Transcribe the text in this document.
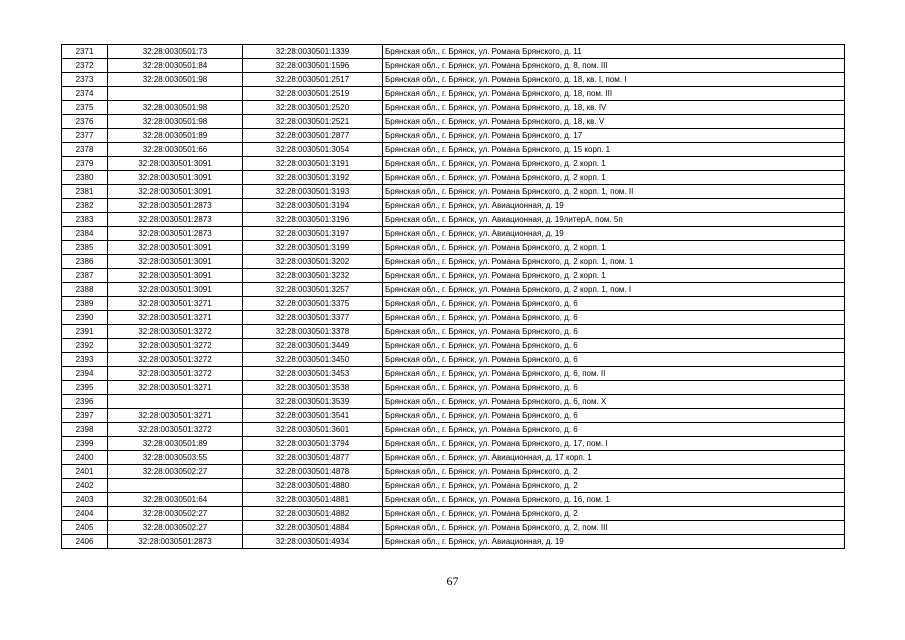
2371	32:28:0030501:73	32:28:0030501:1339	Брянская обл., г. Брянск, ул. Романа Брянского, д. 11
2372	32:28:0030501:84	32:28:0030501:1596	Брянская обл., г. Брянск, ул. Романа Брянского, д. 8, пом. III
2373	32:28:0030501:98	32:28:0030501:2517	Брянская обл., г. Брянск, ул. Романа Брянского, д. 18, кв. I, пом. I
2374		32:28:0030501:2519	Брянская обл., г. Брянск, ул. Романа Брянского, д. 18, пом. III
2375	32:28:0030501:98	32:28:0030501:2520	Брянская обл., г. Брянск, ул. Романа Брянского, д. 18, кв. IV
2376	32:28:0030501:98	32:28:0030501:2521	Брянская обл., г. Брянск, ул. Романа Брянского, д. 18, кв. V
2377	32:28:0030501:89	32:28:0030501:2877	Брянская обл., г. Брянск, ул. Романа Брянского, д. 17
2378	32:28:0030501:66	32:28:0030501:3054	Брянская обл., г. Брянск, ул. Романа Брянского, д. 15 корп. 1
2379	32:28:0030501:3091	32:28:0030501:3191	Брянская обл., г. Брянск, ул. Романа Брянского, д. 2 корп. 1
2380	32:28:0030501:3091	32:28:0030501:3192	Брянская обл., г. Брянск, ул. Романа Брянского, д. 2 корп. 1
2381	32:28:0030501:3091	32:28:0030501:3193	Брянская обл., г. Брянск, ул. Романа Брянского, д. 2 корп. 1, пом. II
2382	32:28:0030501:2873	32:28:0030501:3194	Брянская обл., г. Брянск, ул. Авиационная, д. 19
2383	32:28:0030501:2873	32:28:0030501:3196	Брянская обл., г. Брянск, ул. Авиационная, д. 19литерA, пом. 5п
2384	32:28:0030501:2873	32:28:0030501:3197	Брянская обл., г. Брянск, ул. Авиационная, д. 19
2385	32:28:0030501:3091	32:28:0030501:3199	Брянская обл., г. Брянск, ул. Романа Брянского, д. 2 корп. 1
2386	32:28:0030501:3091	32:28:0030501:3202	Брянская обл., г. Брянск, ул. Романа Брянского, д. 2 корп. 1, пом. 1
2387	32:28:0030501:3091	32:28:0030501:3232	Брянская обл., г. Брянск, ул. Романа Брянского, д. 2 корп. 1
2388	32:28:0030501:3091	32:28:0030501:3257	Брянская обл., г. Брянск, ул. Романа Брянского, д. 2 корп. 1, пом. I
2389	32:28:0030501:3271	32:28:0030501:3375	Брянская обл., г. Брянск, ул. Романа Брянского, д. 6
2390	32:28:0030501:3271	32:28:0030501:3377	Брянская обл., г. Брянск, ул. Романа Брянского, д. 6
2391	32:28:0030501:3272	32:28:0030501:3378	Брянская обл., г. Брянск, ул. Романа Брянского, д. 6
2392	32:28:0030501:3272	32:28:0030501:3449	Брянская обл., г. Брянск, ул. Романа Брянского, д. 6
2393	32:28:0030501:3272	32:28:0030501:3450	Брянская обл., г. Брянск, ул. Романа Брянского, д. 6
2394	32:28:0030501:3272	32:28:0030501:3453	Брянская обл., г. Брянск, ул. Романа Брянского, д. 6, пом. II
2395	32:28:0030501:3271	32:28:0030501:3538	Брянская обл., г. Брянск, ул. Романа Брянского, д. 6
2396		32:28:0030501:3539	Брянская обл., г. Брянск, ул. Романа Брянского, д. 6, пом. X
2397	32:28:0030501:3271	32:28:0030501:3541	Брянская обл., г. Брянск, ул. Романа Брянского, д. 6
2398	32:28:0030501:3272	32:28:0030501:3601	Брянская обл., г. Брянск, ул. Романа Брянского, д. 6
2399	32:28:0030501:89	32:28:0030501:3794	Брянская обл., г. Брянск, ул. Романа Брянского, д. 17, пом. I
2400	32:28:0030503:55	32:28:0030501:4877	Брянская обл., г. Брянск, ул. Авиационная, д. 17 корп. 1
2401	32:28:0030502:27	32:28:0030501:4878	Брянская обл., г. Брянск, ул. Романа Брянского, д. 2
2402		32:28:0030501:4880	Брянская обл., г. Брянск, ул. Романа Брянского, д. 2
2403	32:28:0030501:64	32:28:0030501:4881	Брянская обл., г. Брянск, ул. Романа Брянского, д. 16, пом. 1
2404	32:28:0030502:27	32:28:0030501:4882	Брянская обл., г. Брянск, ул. Романа Брянского, д. 2
2405	32:28:0030502:27	32:28:0030501:4884	Брянская обл., г. Брянск, ул. Романа Брянского, д. 2, пом. III
2406	32:28:0030501:2873	32:28:0030501:4934	Брянская обл., г. Брянск, ул. Авиационная, д. 19
67
